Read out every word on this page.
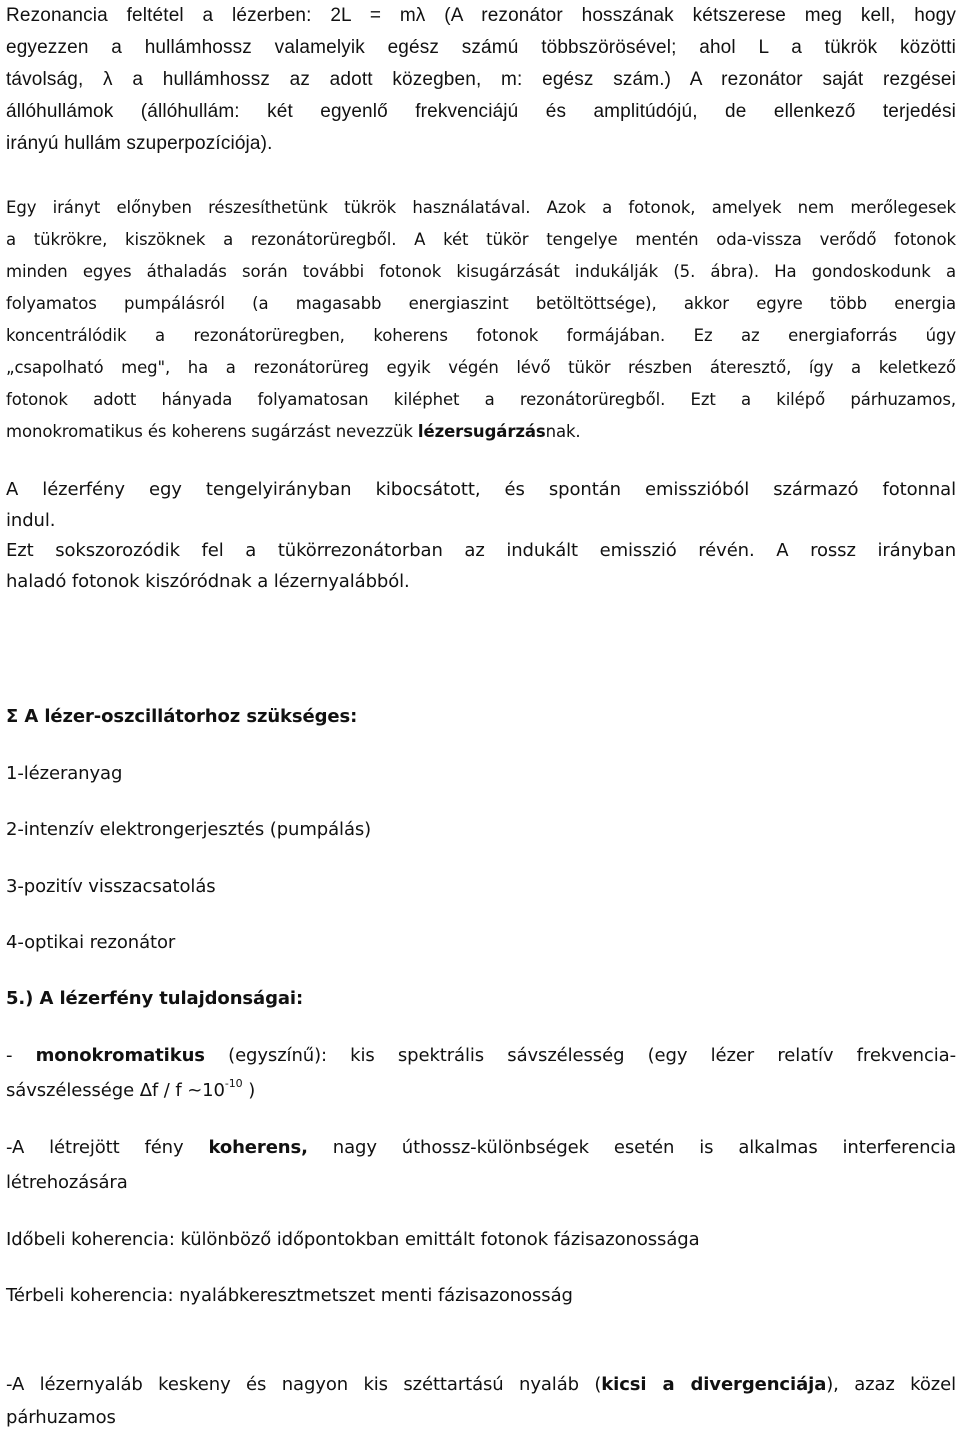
Rezonancia feltétel a lézerben: 2L = mλ (A rezonátor hosszának kétszerese meg kell, hogy
egyezzen a hullámhossz valamelyik egész számú többszörösével; ahol L a tükrök közötti
távolság, λ a hullámhossz az adott közegben, m: egész szám.) A rezonátor saját rezgései
állóhullámok (állóhullám: két egyenlő frekvenciájú és amplitúdójú, de ellenkező terjedési
irányú hullám szuperpozíciója).
Egy irányt előnyben részesíthetünk tükrök használatával. Azok a fotonok, amelyek nem merőlegesek
a tükrökre, kiszöknek a rezonátorüregből. A két tükör tengelye mentén oda-vissza verődő fotonok
minden egyes áthaladás során további fotonok kisugárzását indukálják (5. ábra). Ha gondoskodunk a
folyamatos pumpálásról (a magasabb energiaszint betöltöttsége), akkor egyre több energia
koncentrálódik a rezonátorüregben, koherens fotonok formájában. Ez az energiaforrás úgy
„csapolható meg", ha a rezonátorüreg egyik végén lévő tükör részben áteresztő, így a keletkező
fotonok adott hányada folyamatosan kiléphet a rezonátorüregből. Ezt a kilépő párhuzamos,
monokromatikus és koherens sugárzást nevezzük lézersugárzásnak.
A lézerfény egy tengelyirányban kibocsátott, és spontán emisszióból származó fotonnal
indul.
Ezt sokszorozódik fel a tükörrezonátorban az indukált emisszió révén. A rossz irányban
haladó fotonok kiszóródnak a lézernyalábból.
Σ A lézer-oszcillátorhoz szükséges:
1-lézeranyag
2-intenzív elektrongerjesztés (pumpálás)
3-pozitív visszacsatolás
4-optikai rezonátor
5.) A lézerfény tulajdonságai:
- monokromatikus (egyszínű): kis spektrális sávszélesség (egy lézer relatív frekvencia-
sávszélessége Δf / f $\sim 10^{-10}$ )
-A létrejött fény koherens, nagy úthossz-különbségek esetén is alkalmas interferencia
létrehozására
Időbeli koherencia: különböző időpontokban emittált fotonok fázisazonossága
Térbeli koherencia: nyalábkeresztmetszet menti fázisazonosság
-A lézernyaláb keskeny és nagyon kis széttartású nyaláb (kicsi a divergenciája), azaz közel
párhuzamos
